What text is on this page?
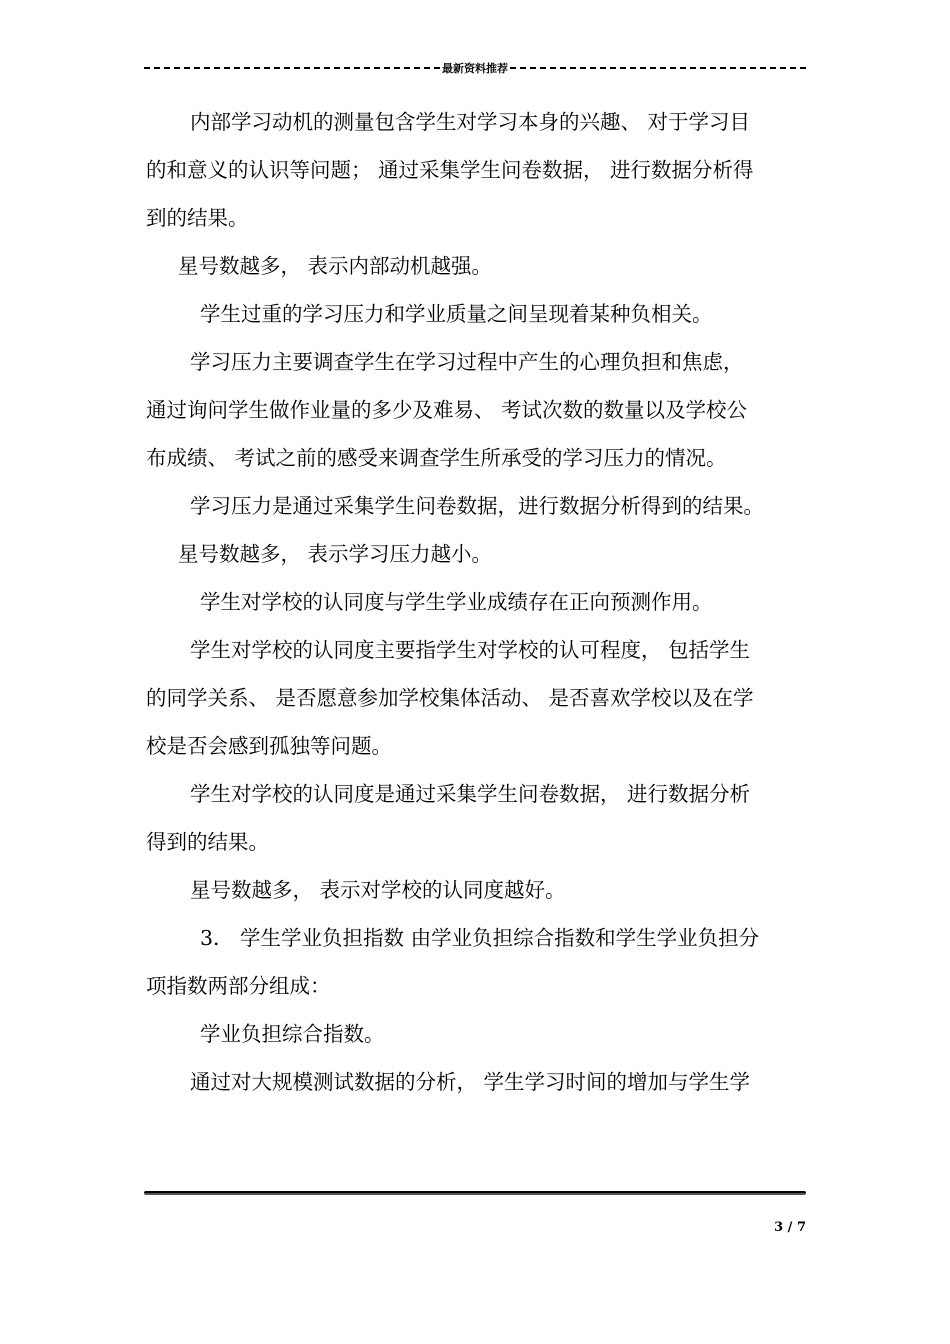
最新资料推荐
内部学习动机的测量包含学生对学习本身的兴趣、 对于学习目
的和意义的认识等问题； 通过采集学生问卷数据， 进行数据分析得
到的结果。
星号数越多， 表示内部动机越强。
学生过重的学习压力和学业质量之间呈现着某种负相关。
学习压力主要调查学生在学习过程中产生的心理负担和焦虑，
通过询问学生做作业量的多少及难易、 考试次数的数量以及学校公
布成绩、 考试之前的感受来调查学生所承受的学习压力的情况。
学习压力是通过采集学生问卷数据，进行数据分析得到的结果。
星号数越多， 表示学习压力越小。
学生对学校的认同度与学生学业成绩存在正向预测作用。
学生对学校的认同度主要指学生对学校的认可程度， 包括学生
的同学关系、 是否愿意参加学校集体活动、 是否喜欢学校以及在学
校是否会感到孤独等问题。
学生对学校的认同度是通过采集学生问卷数据， 进行数据分析
得到的结果。
星号数越多， 表示对学校的认同度越好。
3． 学生学业负担指数 由学业负担综合指数和学生学业负担分
项指数两部分组成：
学业负担综合指数。
通过对大规模测试数据的分析， 学生学习时间的增加与学生学
3 / 7
